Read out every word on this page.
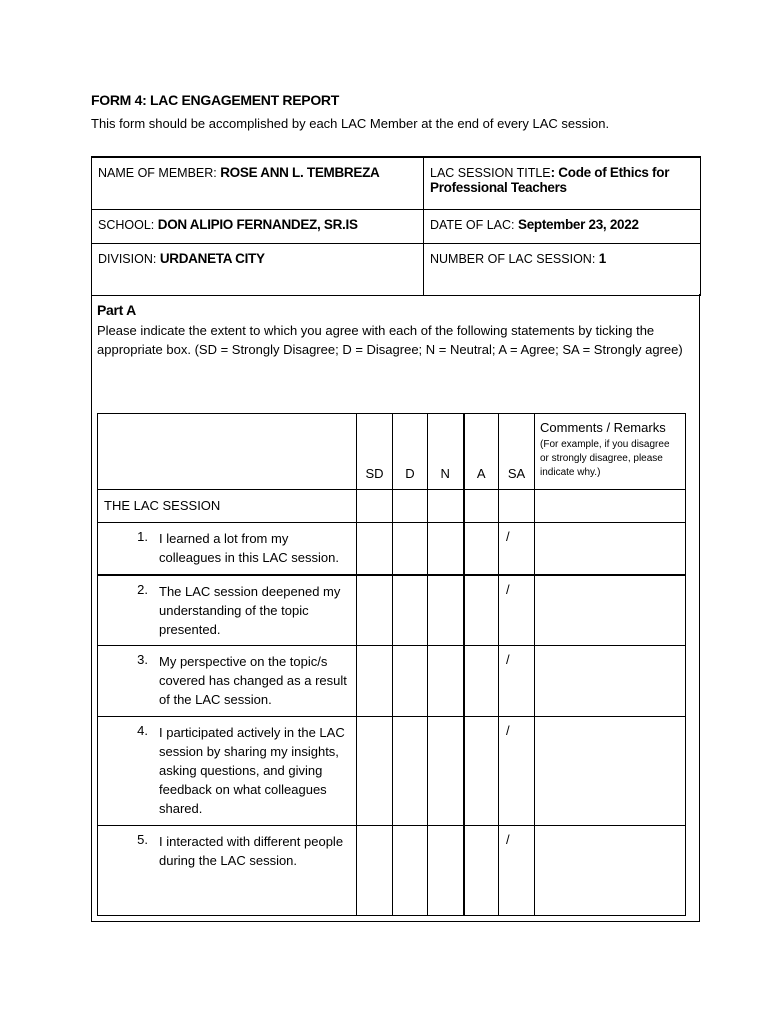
FORM 4: LAC ENGAGEMENT REPORT
This form should be accomplished by each LAC Member at the end of every LAC session.
NAME OF MEMBER: ROSE ANN L. TEMBREZA	LAC SESSION TITLE: Code of Ethics for Professional Teachers
SCHOOL: DON ALIPIO FERNANDEZ, SR.IS	DATE OF LAC: September 23, 2022
DIVISION: URDANETA CITY	NUMBER OF LAC SESSION: 1
Part A
Please indicate the extent to which you agree with each of the following statements by ticking the appropriate box. (SD = Strongly Disagree; D = Disagree; N = Neutral; A = Agree; SA = Strongly agree)
	SD	D	N	A	SA	Comments / Remarks
(For example, if you disagree or strongly disagree, please indicate why.)

THE LAC SESSION						

1. I learned a lot from my colleagues in this LAC session.					/	

2. The LAC session deepened my understanding of the topic presented.					/	

3. My perspective on the topic/s covered has changed as a result of the LAC session.					/	

4. I participated actively in the LAC session by sharing my insights, asking questions, and giving feedback on what colleagues shared.					/	

5. I interacted with different people during the LAC session.					/	
